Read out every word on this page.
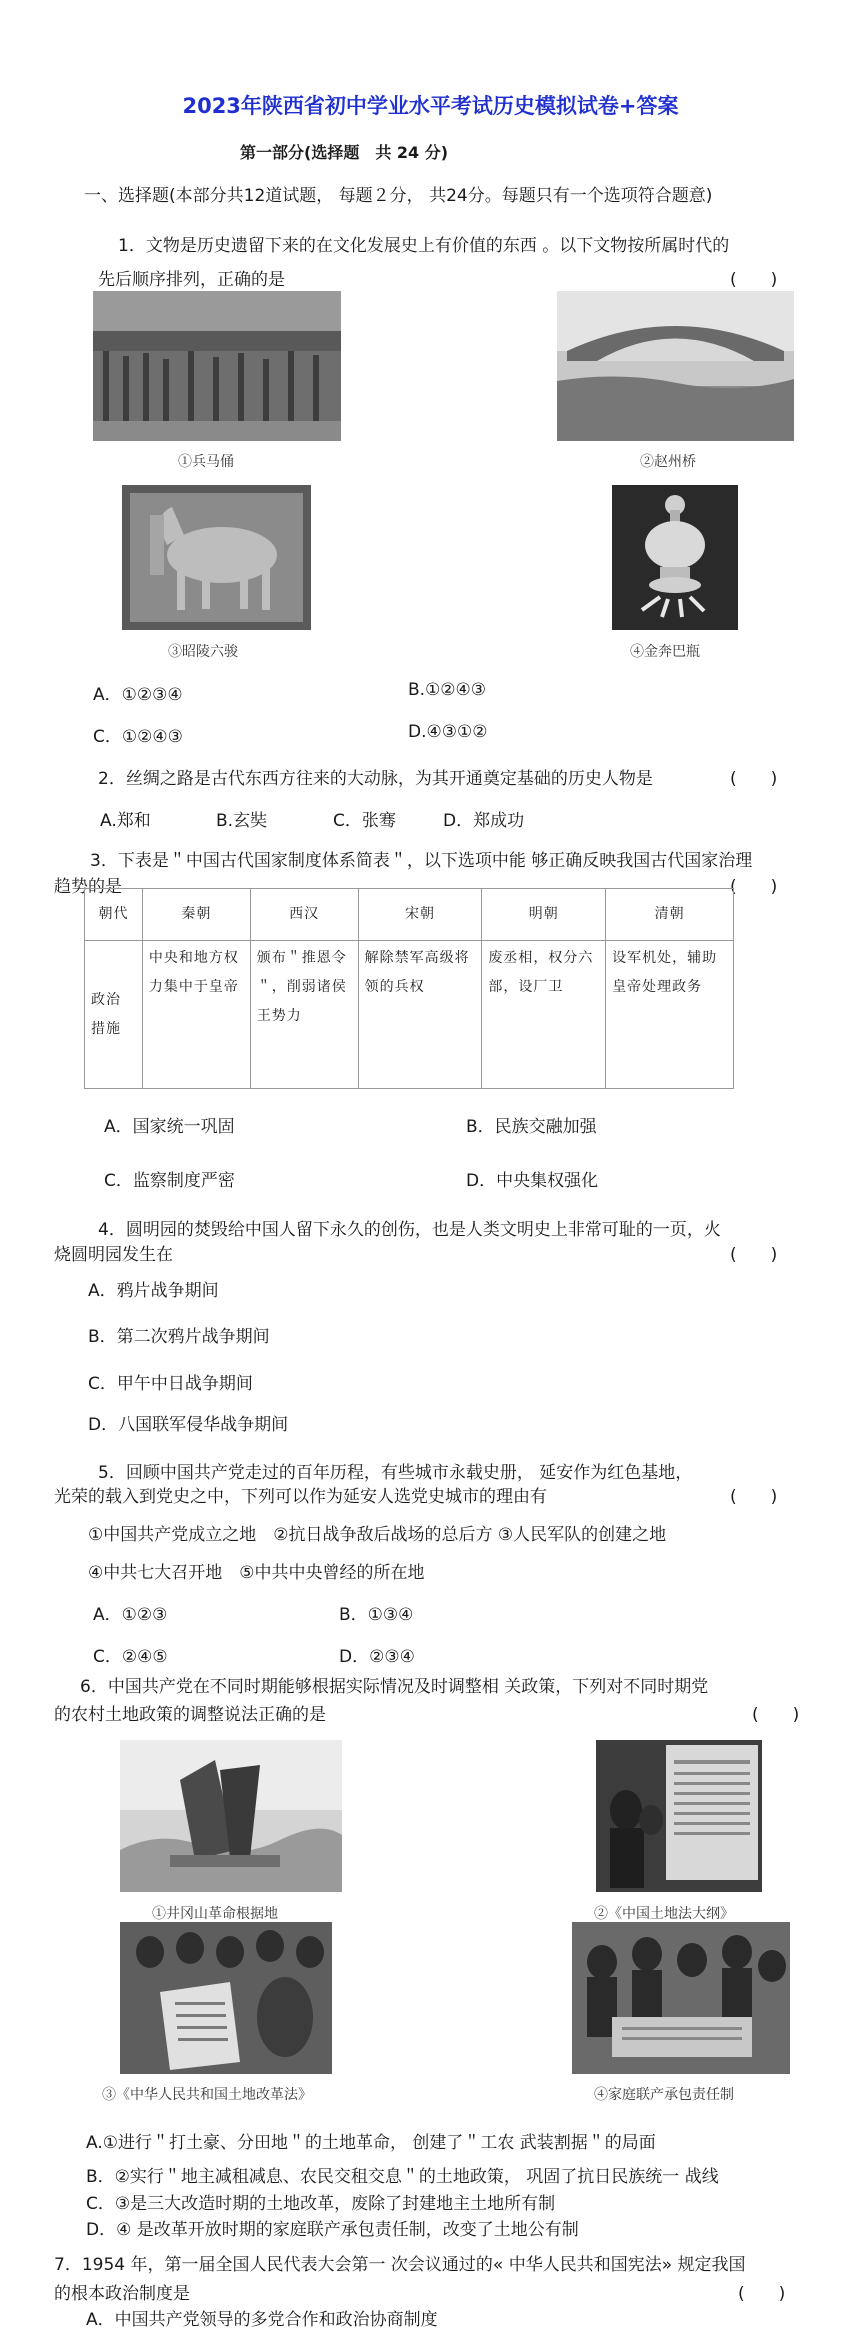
2023年陕西省初中学业水平考试历史模拟试卷+答案
第一部分(选择题　共 24 分)
一、选择题(本部分共12道试题， 每题２分， 共24分。每题只有一个选项符合题意)
1．文物是历史遗留下来的在文化发展史上有价值的东西 。以下文物按所属时代的
先后顺序排列，正确的是	(　　)
①兵马俑	②赵州桥
③昭陵六骏	④金奔巴瓶
A．①②③④	B.①②④③
C．①②④③	D.④③①②
2．丝绸之路是古代东西方往来的大动脉，为其开通奠定基础的历史人物是	(　　)
A.郑和	B.玄奘	C．张骞	D．郑成功
3．下表是＂中国古代国家制度体系简表＂，以下选项中能 够正确反映我国古代国家治理
趋势的是	(　　)
朝代	秦朝	西汉	宋朝	明朝	清朝
政治措施	中央和地方权力集中于皇帝	颁布＂推恩令＂，削弱诸侯王势力	解除禁军高级将领的兵权	废丞相，权分六部，设厂卫	设军机处，辅助皇帝处理政务
A．国家统一巩固	B．民族交融加强
C．监察制度严密	D．中央集权强化
4．圆明园的焚毁给中国人留下永久的创伤，也是人类文明史上非常可耻的一页，火
烧圆明园发生在	(　　)
A．鸦片战争期间
B．第二次鸦片战争期间
C．甲午中日战争期间
D．八国联军侵华战争期间
5．回顾中国共产党走过的百年历程，有些城市永载史册， 延安作为红色基地，
光荣的载入到党史之中，下列可以作为延安人选党史城市的理由有	(　　)
①中国共产党成立之地　②抗日战争敌后战场的总后方 ③人民军队的创建之地
④中共七大召开地　⑤中共中央曾经的所在地
A．①②③	B．①③④
C．②④⑤	D．②③④
6．中国共产党在不同时期能够根据实际情况及时调整相 关政策，下列对不同时期党
的农村土地政策的调整说法正确的是	(　　)
①井冈山革命根据地	②《中国土地法大纲》
③《中华人民共和国土地改革法》	④家庭联产承包责任制
A.①进行＂打土豪、分田地＂的土地革命， 创建了＂工农 武装割据＂的局面
B．②实行＂地主减租减息、农民交租交息＂的土地政策， 巩固了抗日民族统一 战线
C．③是三大改造时期的土地改革，废除了封建地主土地所有制
D．④ 是改革开放时期的家庭联产承包责任制，改变了土地公有制
7．1954 年，第一届全国人民代表大会第一 次会议通过的« 中华人民共和国宪法» 规定我国
的根本政治制度是	(　　)
A．中国共产党领导的多党合作和政治协商制度
